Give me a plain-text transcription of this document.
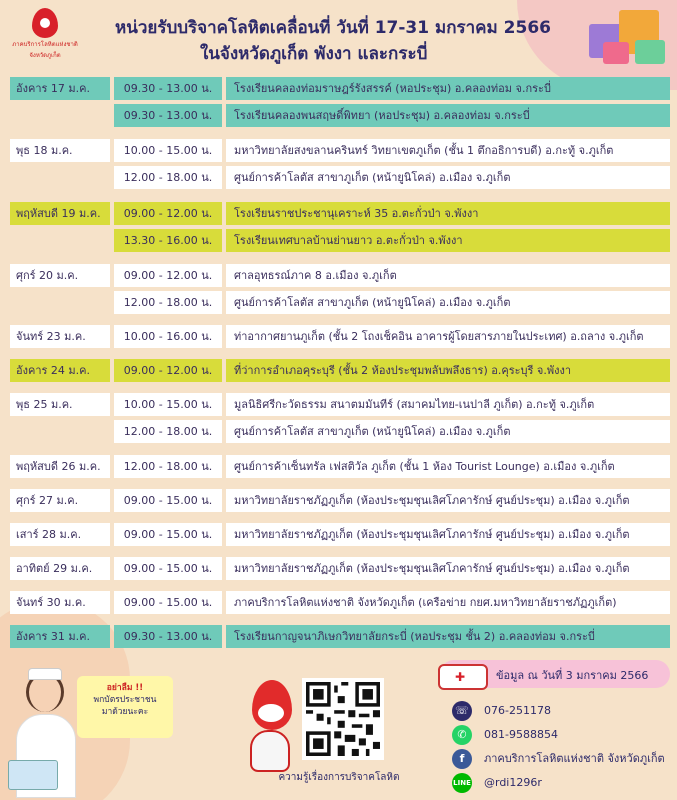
ภาคบริการโลหิตแห่งชาติ
จังหวัดภูเก็ต
หน่วยรับบริจาคโลหิตเคลื่อนที่ วันที่ 17-31 มกราคม 2566
ในจังหวัดภูเก็ต พังงา และกระบี่
อังคาร 17 ม.ค.	09.30 - 13.00 น.	โรงเรียนคลองท่อมราษฎร์รังสรรค์ (หอประชุม) อ.คลองท่อม จ.กระบี่
09.30 - 13.00 น.	โรงเรียนคลองพนสฤษดิ์พิทยา (หอประชุม) อ.คลองท่อม จ.กระบี่
พุธ 18 ม.ค.	10.00 - 15.00 น.	มหาวิทยาลัยสงขลานครินทร์ วิทยาเขตภูเก็ต (ชั้น 1 ตึกอธิการบดี) อ.กะทู้ จ.ภูเก็ต
12.00 - 18.00 น.	ศูนย์การค้าโลตัส สาขาภูเก็ต (หน้ายูนิโคล่) อ.เมือง จ.ภูเก็ต
พฤหัสบดี 19 ม.ค.	09.00 - 12.00 น.	โรงเรียนราชประชานุเคราะห์ 35 อ.ตะกั่วป่า จ.พังงา
13.30 - 16.00 น.	โรงเรียนเทศบาลบ้านย่านยาว อ.ตะกั่วป่า จ.พังงา
ศุกร์ 20 ม.ค.	09.00 - 12.00 น.	ศาลอุทธรณ์ภาค 8 อ.เมือง จ.ภูเก็ต
12.00 - 18.00 น.	ศูนย์การค้าโลตัส สาขาภูเก็ต (หน้ายูนิโคล่) อ.เมือง จ.ภูเก็ต
จันทร์ 23 ม.ค.	10.00 - 16.00 น.	ท่าอากาศยานภูเก็ต (ชั้น 2 โถงเช็คอิน อาคารผู้โดยสารภายในประเทศ) อ.ถลาง จ.ภูเก็ต
อังคาร 24 ม.ค.	09.00 - 12.00 น.	ที่ว่าการอำเภอคุระบุรี (ชั้น 2 ห้องประชุมพลับพลึงธาร) อ.คุระบุรี จ.พังงา
พุธ 25 ม.ค.	10.00 - 15.00 น.	มูลนิธิศรีกะวัดธรรม สนาตมมันทีร์ (สมาคมไทย-เนปาลี ภูเก็ต) อ.กะทู้ จ.ภูเก็ต
12.00 - 18.00 น.	ศูนย์การค้าโลตัส สาขาภูเก็ต (หน้ายูนิโคล่) อ.เมือง จ.ภูเก็ต
พฤหัสบดี 26 ม.ค.	12.00 - 18.00 น.	ศูนย์การค้าเซ็นทรัล เฟสติวัล ภูเก็ต (ชั้น 1 ห้อง Tourist Lounge) อ.เมือง จ.ภูเก็ต
ศุกร์ 27 ม.ค.	09.00 - 15.00 น.	มหาวิทยาลัยราชภัฏภูเก็ต (ห้องประชุมชุนเลิศโภคารักษ์ ศูนย์ประชุม) อ.เมือง จ.ภูเก็ต
เสาร์ 28 ม.ค.	09.00 - 15.00 น.	มหาวิทยาลัยราชภัฏภูเก็ต (ห้องประชุมชุนเลิศโภคารักษ์ ศูนย์ประชุม) อ.เมือง จ.ภูเก็ต
อาทิตย์ 29 ม.ค.	09.00 - 15.00 น.	มหาวิทยาลัยราชภัฏภูเก็ต (ห้องประชุมชุนเลิศโภคารักษ์ ศูนย์ประชุม) อ.เมือง จ.ภูเก็ต
จันทร์ 30 ม.ค.	09.00 - 15.00 น.	ภาคบริการโลหิตแห่งชาติ จังหวัดภูเก็ต (เครือข่าย กยศ.มหาวิทยาลัยราชภัฏภูเก็ต)
อังคาร 31 ม.ค.	09.30 - 13.00 น.	โรงเรียนกาญจนาภิเษกวิทยาลัยกระบี่ (หอประชุม ชั้น 2) อ.คลองท่อม จ.กระบี่
อย่าลืม !!
พกบัตรประชาชน
มาด้วยนะคะ
ความรู้เรื่องการบริจาคโลหิต
✚	ข้อมูล ณ วันที่ 3 มกราคม 2566
☏ 076-251178
✆ 081-9588854
f ภาคบริการโลหิตแห่งชาติ จังหวัดภูเก็ต
LINE @rdi1296r
